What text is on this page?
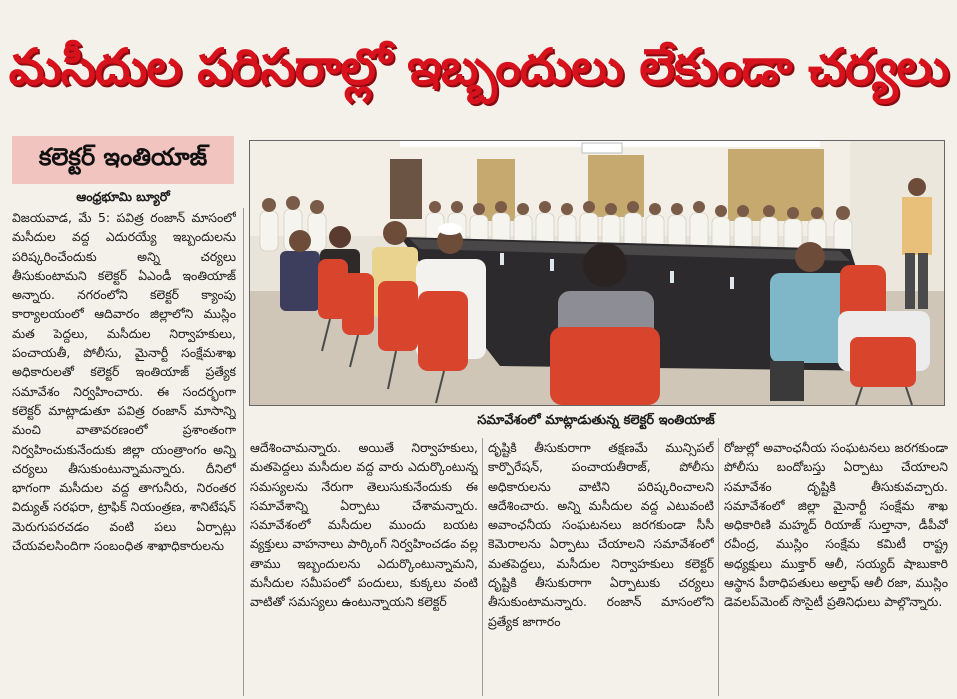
మసీదుల పరిసరాల్లో ఇబ్బందులు లేకుండా చర్యలు
కలెక్టర్ ఇంతియాజ్
ఆంధ్రభూమి బ్యూరో

విజయవాడ, మే 5: పవిత్ర రంజాన్ మాసంలో మసీదుల వద్ద ఎదురయ్యే ఇబ్బందులను పరిష్కరించేందుకు అన్ని చర్యలు తీసుకుంటామని కలెక్టర్ ఏఎండీ ఇంతియాజ్ అన్నారు. నగరంలోని కలెక్టర్ క్యాంపు కార్యాలయంలో ఆదివారం జిల్లాలోని ముస్లిం మత పెద్దలు, మసీదుల నిర్వాహకులు, పంచాయతీ, పోలీసు, మైనార్టీ సంక్షేమశాఖ అధికారులతో కలెక్టర్ ఇంతియాజ్ ప్రత్యేక సమావేశం నిర్వహించారు. ఈ సందర్భంగా కలెక్టర్ మాట్లాడుతూ పవిత్ర రంజాన్ మాసాన్ని మంచి వాతావరణంలో ప్రశాంతంగా నిర్వహించుకునేందుకు జిల్లా యంత్రాంగం అన్ని చర్యలు తీసుకుంటున్నామన్నారు. దీనిలో భాగంగా మసీదుల వద్ద తాగునీరు, నిరంతర విద్యుత్ సరఫరా, ట్రాఫిక్ నియంత్రణ, శానిటేషన్ మెరుగుపరచడం వంటి పలు ఏర్పాట్లు చేయవలసిందిగా సంబంధిత శాఖాధికారులను

సమావేశంలో మాట్లాడుతున్న కలెక్టర్ ఇంతియాజ్

ఆదేశించామన్నారు. అయితే నిర్వాహకులు, మతపెద్దలు మసీదుల వద్ద వారు ఎదుర్కొంటున్న సమస్యలను నేరుగా తెలుసుకునేందుకు ఈ సమావేశాన్ని ఏర్పాటు చేశామన్నారు. సమావేశంలో మసీదుల ముందు బయట వ్యక్తులు వాహనాలు పార్కింగ్ నిర్వహించడం వల్ల తాము ఇబ్బందులను ఎదుర్కొంటున్నామని, మసీదుల సమీపంలో పందులు, కుక్కలు వంటి వాటితో సమస్యలు ఉంటున్నాయని కలెక్టర్

దృష్టికి తీసుకురాగా తక్షణమే మున్సిపల్ కార్పొరేషన్, పంచాయతీరాజ్, పోలీసు అధికారులను వాటిని పరిష్కరించాలని ఆదేశించారు. అన్ని మసీదుల వద్ద ఎటువంటి అవాంఛనీయ సంఘటనలు జరగకుండా సీసీ కెమెరాలను ఏర్పాటు చేయాలని సమావేశంలో మతపెద్దలు, మసీదుల నిర్వాహకులు కలెక్టర్ దృష్టికి తీసుకురాగా ఏర్పాటుకు చర్యలు తీసుకుంటామన్నారు. రంజాన్ మాసంలోని ప్రత్యేక జాగారం

రోజుల్లో అవాంఛనీయ సంఘటనలు జరగకుండా పోలీసు బందోబస్తు ఏర్పాటు చేయాలని సమావేశం దృష్టికి తీసుకువచ్చారు. సమావేశంలో జిల్లా మైనార్టీ సంక్షేమ శాఖ అధికారిణి మహ్మద్ రియాజ్ సుల్తానా, డీపీవో రవీంద్ర, ముస్లిం సంక్షేమ కమిటీ రాష్ట్ర అధ్యక్షులు ముక్తార్ ఆలీ, సయ్యద్ షాబుకారి ఆస్థాన పీఠాధిపతులు అల్తాఫ్ ఆలీ రజా, ముస్లిం డెవలప్‌మెంట్ సొసైటీ ప్రతినిధులు పాల్గొన్నారు.
